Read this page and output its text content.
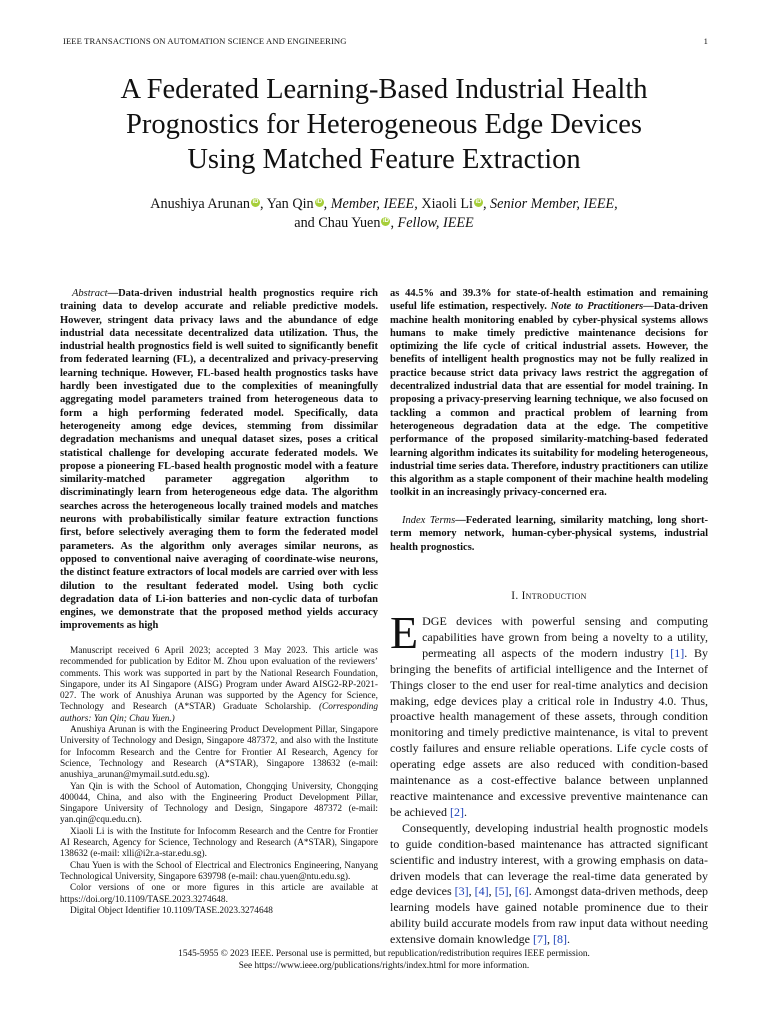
IEEE TRANSACTIONS ON AUTOMATION SCIENCE AND ENGINEERING	1
A Federated Learning-Based Industrial Health
Prognostics for Heterogeneous Edge Devices
Using Matched Feature Extraction
Anushiya Arunan iD , Yan Qin iD , Member, IEEE, Xiaoli Li iD , Senior Member, IEEE,
and Chau Yuen iD , Fellow, IEEE
Abstract—Data-driven industrial health prognostics require rich training data to develop accurate and reliable predictive models. However, stringent data privacy laws and the abundance of edge industrial data necessitate decentralized data utilization. Thus, the industrial health prognostics field is well suited to significantly benefit from federated learning (FL), a decentralized and privacy-preserving learning technique. However, FL-based health prognostics tasks have hardly been investigated due to the complexities of meaningfully aggregating model parameters trained from heterogeneous data to form a high performing federated model. Specifically, data heterogeneity among edge devices, stemming from dissimilar degradation mechanisms and unequal dataset sizes, poses a critical statistical challenge for developing accurate federated models. We propose a pioneering FL-based health prognostic model with a feature similarity-matched parameter aggregation algorithm to discriminatingly learn from heterogeneous edge data. The algorithm searches across the heterogeneous locally trained models and matches neurons with probabilistically similar feature extraction functions first, before selectively averaging them to form the federated model parameters. As the algorithm only averages similar neurons, as opposed to conventional naive averaging of coordinate-wise neurons, the distinct feature extractors of local models are carried over with less dilution to the resultant federated model. Using both cyclic degradation data of Li-ion batteries and non-cyclic data of turbofan engines, we demonstrate that the proposed method yields accuracy improvements as high
as 44.5% and 39.3% for state-of-health estimation and remaining useful life estimation, respectively. Note to Practitioners—Data-driven machine health monitoring enabled by cyber-physical systems allows humans to make timely predictive maintenance decisions for optimizing the life cycle of critical industrial assets. However, the benefits of intelligent health prognostics may not be fully realized in practice because strict data privacy laws restrict the aggregation of decentralized industrial data that are essential for model training. In proposing a privacy-preserving learning technique, we also focused on tackling a common and practical problem of learning from heterogeneous degradation data at the edge. The competitive performance of the proposed similarity-matching-based federated learning algorithm indicates its suitability for modeling heterogeneous, industrial time series data. Therefore, industry practitioners can utilize this algorithm as a staple component of their machine health modeling toolkit in an increasingly privacy-concerned era.
Index Terms—Federated learning, similarity matching, long short-term memory network, human-cyber-physical systems, industrial health prognostics.
I. Introduction

EDGE devices with powerful sensing and computing capabilities have grown from being a novelty to a utility, permeating all aspects of the modern industry [1]. By bringing the benefits of artificial intelligence and the Internet of Things closer to the end user for real-time analytics and decision making, edge devices play a critical role in Industry 4.0. Thus, proactive health management of these assets, through condition monitoring and timely predictive maintenance, is vital to prevent costly failures and ensure reliable operations. Life cycle costs of operating edge assets are also reduced with condition-based maintenance as a cost-effective balance between unplanned reactive maintenance and excessive preventive maintenance can be achieved [2].

Consequently, developing industrial health prognostic models to guide condition-based maintenance has attracted significant scientific and industry interest, with a growing emphasis on data-driven models that can leverage the real-time data generated by edge devices [3], [4], [5], [6]. Amongst data-driven methods, deep learning models have gained notable prominence due to their ability build accurate models from raw input data without needing extensive domain knowledge [7], [8].

Manuscript received 6 April 2023; accepted 3 May 2023. This article was recommended for publication by Editor M. Zhou upon evaluation of the reviewers’ comments. This work was supported in part by the National Research Foundation, Singapore, under its AI Singapore (AISG) Program under Award AISG2-RP-2021-027. The work of Anushiya Arunan was supported by the Agency for Science, Technology and Research (A*STAR) Graduate Scholarship. (Corresponding authors: Yan Qin; Chau Yuen.)

Anushiya Arunan is with the Engineering Product Development Pillar, Singapore University of Technology and Design, Singapore 487372, and also with the Institute for Infocomm Research and the Centre for Frontier AI Research, Agency for Science, Technology and Research (A*STAR), Singapore 138632 (e-mail: anushiya_arunan@mymail.sutd.edu.sg).

Yan Qin is with the School of Automation, Chongqing University, Chongqing 400044, China, and also with the Engineering Product Development Pillar, Singapore University of Technology and Design, Singapore 487372 (e-mail: yan.qin@cqu.edu.cn).

Xiaoli Li is with the Institute for Infocomm Research and the Centre for Frontier AI Research, Agency for Science, Technology and Research (A*STAR), Singapore 138632 (e-mail: xlli@i2r.a-star.edu.sg).

Chau Yuen is with the School of Electrical and Electronics Engineering, Nanyang Technological University, Singapore 639798 (e-mail: chau.yuen@ntu.edu.sg).

Color versions of one or more figures in this article are available at https://doi.org/10.1109/TASE.2023.3274648.

Digital Object Identifier 10.1109/TASE.2023.3274648

1545-5955 © 2023 IEEE. Personal use is permitted, but republication/redistribution requires IEEE permission.
See https://www.ieee.org/publications/rights/index.html for more information.
